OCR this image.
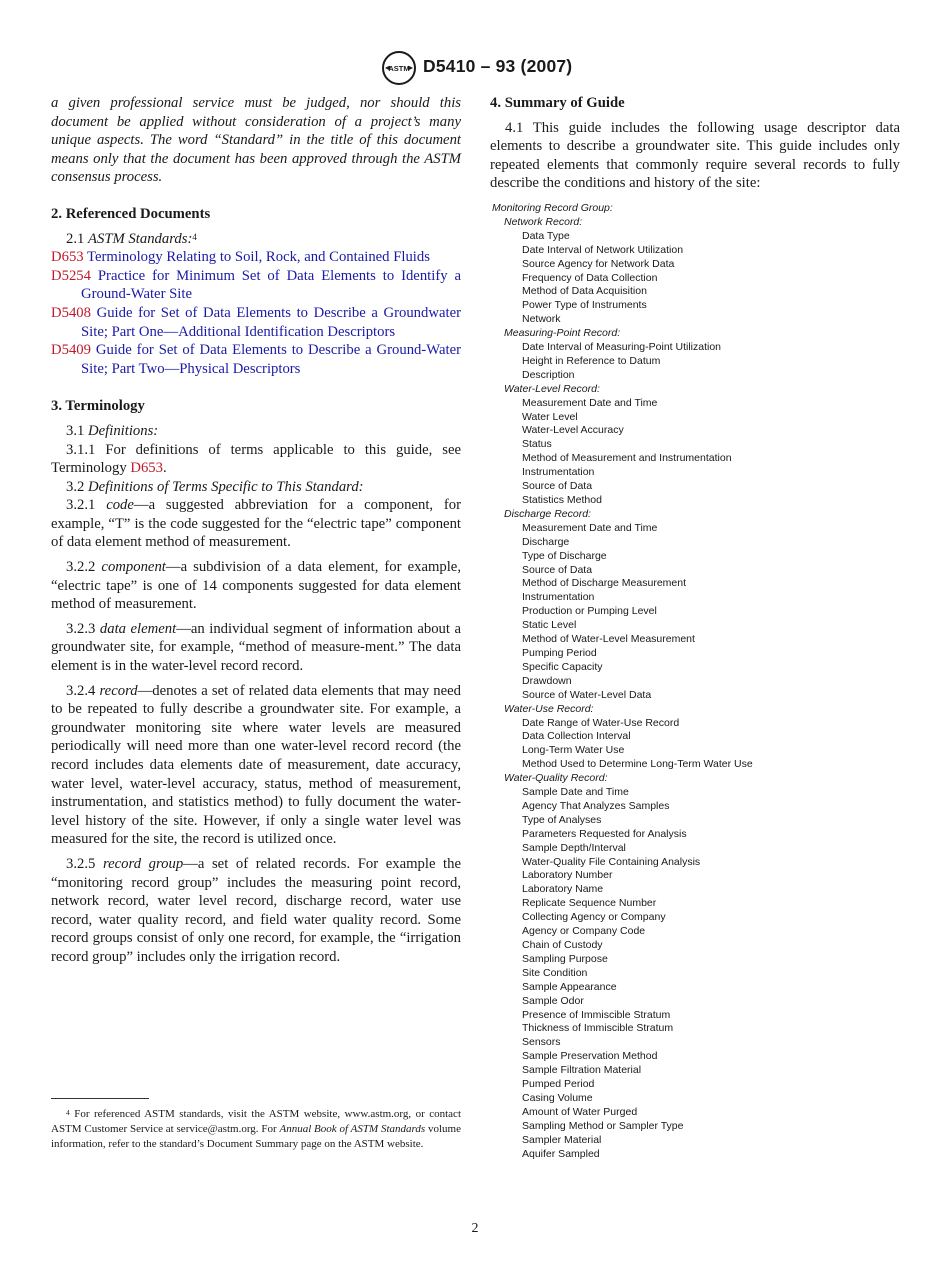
ASTM D5410 – 93 (2007)

a given professional service must be judged, nor should this document be applied without consideration of a project’s many unique aspects. The word “Standard” in the title of this document means only that the document has been approved through the ASTM consensus process.

2. Referenced Documents

2.1 ASTM Standards:$^4$

D653 Terminology Relating to Soil, Rock, and Contained Fluids

D5254 Practice for Minimum Set of Data Elements to Identify a Ground-Water Site

D5408 Guide for Set of Data Elements to Describe a Groundwater Site; Part One—Additional Identification Descriptors

D5409 Guide for Set of Data Elements to Describe a Ground-Water Site; Part Two—Physical Descriptors

3. Terminology

3.1 Definitions:

3.1.1 For definitions of terms applicable to this guide, see Terminology D653.

3.2 Definitions of Terms Specific to This Standard:

3.2.1 code—a suggested abbreviation for a component, for example, “T” is the code suggested for the “electric tape” component of data element method of measurement.

3.2.2 component—a subdivision of a data element, for example, “electric tape” is one of 14 components suggested for data element method of measurement.

3.2.3 data element—an individual segment of information about a groundwater site, for example, “method of measure-ment.” The data element is in the water-level record record.

3.2.4 record—denotes a set of related data elements that may need to be repeated to fully describe a groundwater site. For example, a groundwater monitoring site where water levels are measured periodically will need more than one water-level record record (the record includes data elements date of measurement, date accuracy, water level, water-level accuracy, status, method of measurement, instrumentation, and statistics method) to fully document the water-level history of the site. However, if only a single water level was measured for the site, the record is utilized once.

3.2.5 record group—a set of related records. For example the “monitoring record group” includes the measuring point record, network record, water level record, discharge record, water use record, water quality record, and field water quality record. Some record groups consist of only one record, for example, the “irrigation record group” includes only the irrigation record.

$^4$ For referenced ASTM standards, visit the ASTM website, www.astm.org, or contact ASTM Customer Service at service@astm.org. For Annual Book of ASTM Standards volume information, refer to the standard’s Document Summary page on the ASTM website.
4. Summary of Guide

4.1 This guide includes the following usage descriptor data elements to describe a groundwater site. This guide includes only repeated elements that commonly require several records to fully describe the conditions and history of the site:

Monitoring Record Group:
Network Record:
Data Type
Date Interval of Network Utilization
Source Agency for Network Data
Frequency of Data Collection
Method of Data Acquisition
Power Type of Instruments
Network
Measuring-Point Record:
Date Interval of Measuring-Point Utilization
Height in Reference to Datum
Description
Water-Level Record:
Measurement Date and Time
Water Level
Water-Level Accuracy
Status
Method of Measurement and Instrumentation
Instrumentation
Source of Data
Statistics Method
Discharge Record:
Measurement Date and Time
Discharge
Type of Discharge
Source of Data
Method of Discharge Measurement
Instrumentation
Production or Pumping Level
Static Level
Method of Water-Level Measurement
Pumping Period
Specific Capacity
Drawdown
Source of Water-Level Data
Water-Use Record:
Date Range of Water-Use Record
Data Collection Interval
Long-Term Water Use
Method Used to Determine Long-Term Water Use
Water-Quality Record:
Sample Date and Time
Agency That Analyzes Samples
Type of Analyses
Parameters Requested for Analysis
Sample Depth/Interval
Water-Quality File Containing Analysis
Laboratory Number
Laboratory Name
Replicate Sequence Number
Collecting Agency or Company
Agency or Company Code
Chain of Custody
Sampling Purpose
Site Condition
Sample Appearance
Sample Odor
Presence of Immiscible Stratum
Thickness of Immiscible Stratum
Sensors
Sample Preservation Method
Sample Filtration Material
Pumped Period
Casing Volume
Amount of Water Purged
Sampling Method or Sampler Type
Sampler Material
Aquifer Sampled
2
